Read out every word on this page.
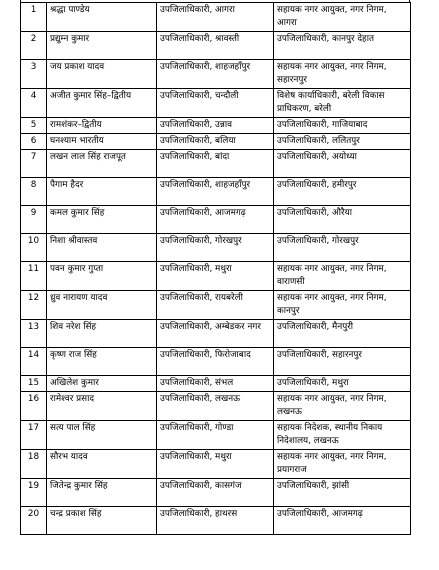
1	श्रद्धा पाण्डेय	उपजिलाधिकारी, आगरा	सहायक नगर आयुक्त, नगर निगम, आगरा
2	प्रद्युम्न कुमार	उपजिलाधिकारी, श्रावस्ती	उपजिलाधिकारी, कानपुर देहात
3	जय प्रकाश यादव	उपजिलाधिकारी, शाहजहाँपुर	सहायक नगर आयुक्त, नगर निगम, सहारनपुर
4	अजीत कुमार सिंह–द्वितीय	उपजिलाधिकारी, चन्दौली	विशेष कार्याधिकारी, बरेली विकास प्राधिकरण, बरेली
5	रामशंकर–द्वितीय	उपजिलाधिकारी, उन्नाव	उपजिलाधिकारी, गाजियाबाद
6	घनश्याम भारतीय	उपजिलाधिकारी, बलिया	उपजिलाधिकारी, ललितपुर
7	लखन लाल सिंह राजपूत	उपजिलाधिकारी, बांदा	उपजिलाधिकारी, अयोध्या
8	पैगाम हैदर	उपजिलाधिकारी, शाहजहाँपुर	उपजिलाधिकारी, हमीरपुर
9	कमल कुमार सिंह	उपजिलाधिकारी, आजमगढ़	उपजिलाधिकारी, औरैया
10	निशा श्रीवास्तव	उपजिलाधिकारी, गोरखपुर	उपजिलाधिकारी, गोरखपुर
11	पवन कुमार गुप्ता	उपजिलाधिकारी, मथुरा	सहायक नगर आयुक्त, नगर निगम, वाराणसी
12	ध्रुव नारायण यादव	उपजिलाधिकारी, रायबरेली	सहायक नगर आयुक्त, नगर निगम, कानपुर
13	शिव नरेश सिंह	उपजिलाधिकारी, अम्बेडकर नगर	उपजिलाधिकारी, मैनपुरी
14	कृष्ण राज सिंह	उपजिलाधिकारी, फिरोजाबाद	उपजिलाधिकारी, सहारनपुर
15	अखिलेश कुमार	उपजिलाधिकारी, संभल	उपजिलाधिकारी, मथुरा
16	रामेश्वर प्रसाद	उपजिलाधिकारी, लखनऊ	सहायक नगर आयुक्त, नगर निगम, लखनऊ
17	सत्य पाल सिंह	उपजिलाधिकारी, गोण्डा	सहायक निदेशक, स्थानीय निकाय निदेशालय, लखनऊ
18	सौरभ यादव	उपजिलाधिकारी, मथुरा	सहायक नगर आयुक्त, नगर निगम, प्रयागराज
19	जितेन्द्र कुमार सिंह	उपजिलाधिकारी, कासगंज	उपजिलाधिकारी, झांसी
20	चन्द्र प्रकाश सिंह	उपजिलाधिकारी, हाथरस	उपजिलाधिकारी, आजमगढ़
